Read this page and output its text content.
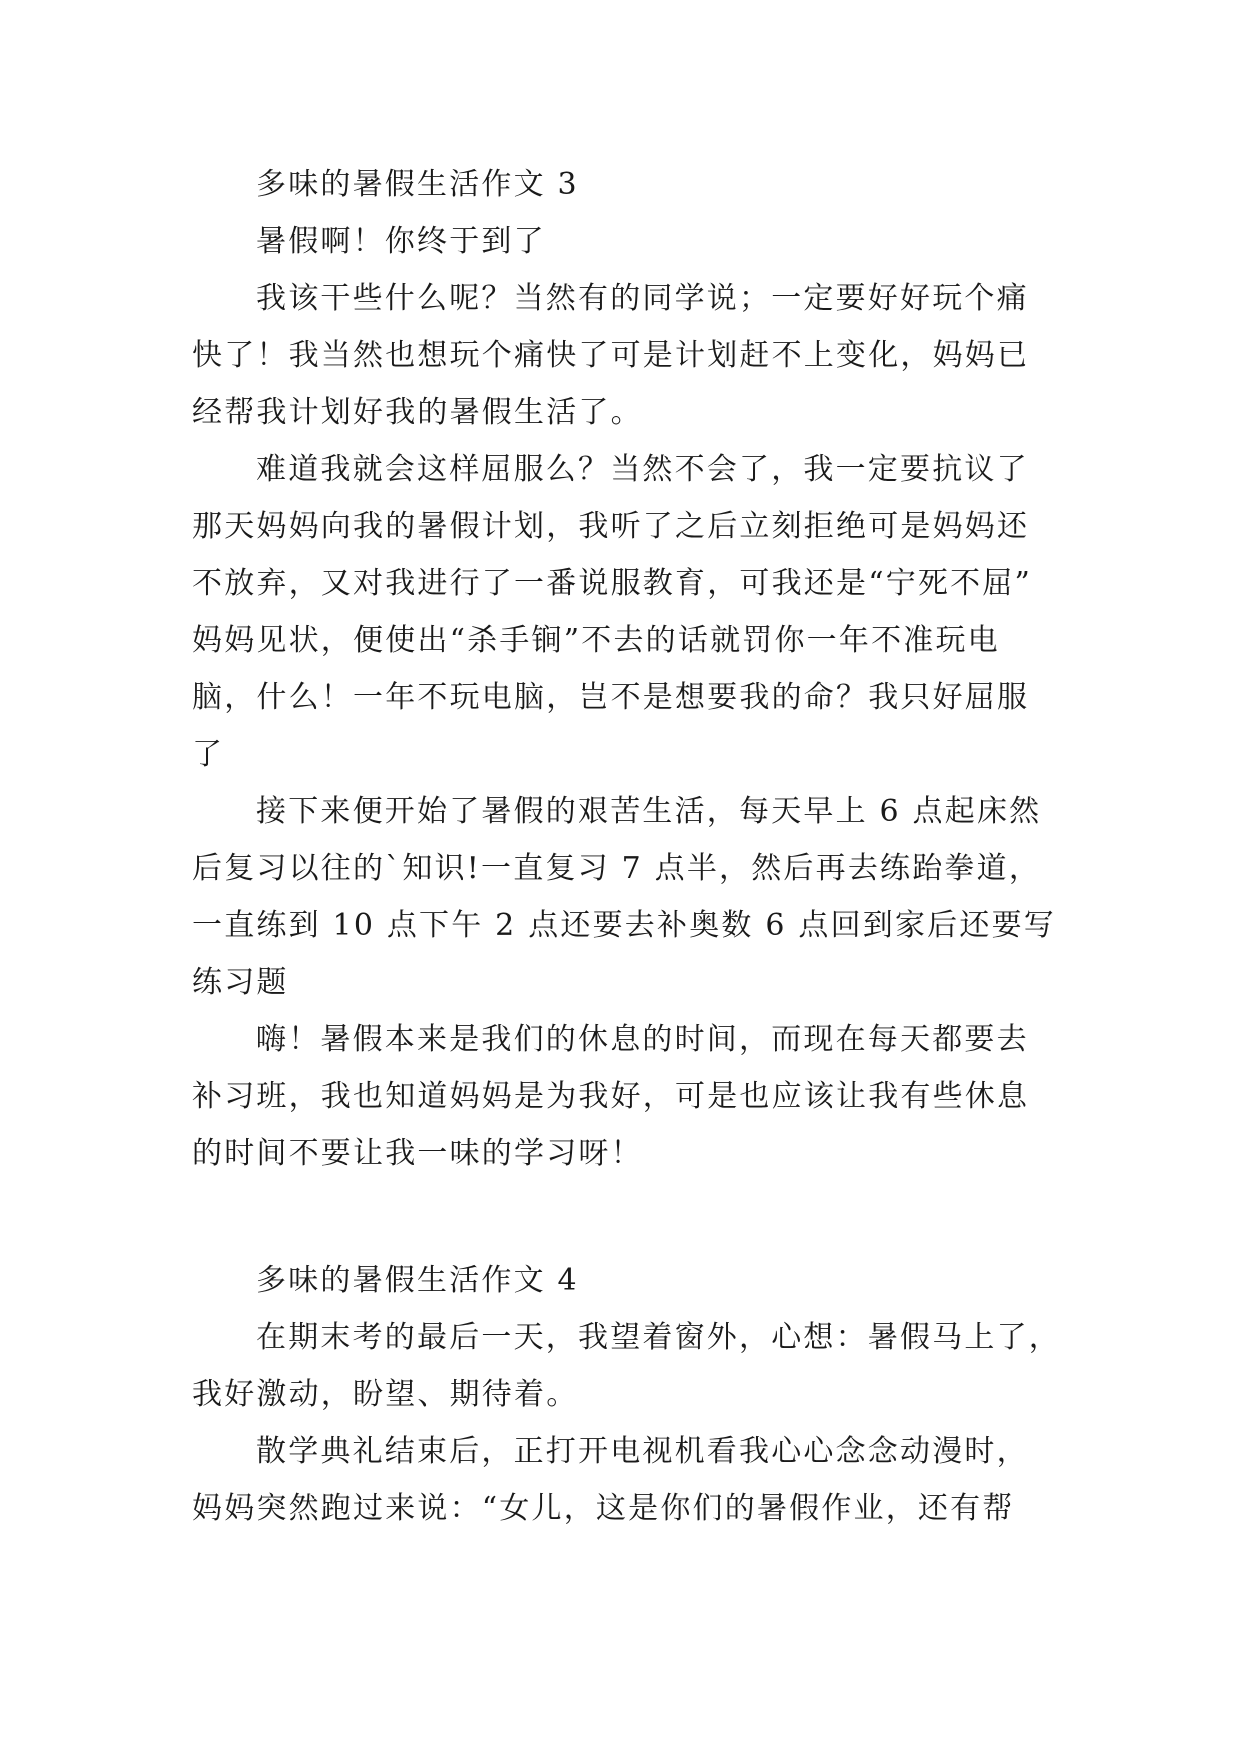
多味的暑假生活作文 3
暑假啊！你终于到了
我该干些什么呢？当然有的同学说；一定要好好玩个痛
快了！我当然也想玩个痛快了可是计划赶不上变化，妈妈已
经帮我计划好我的暑假生活了。
难道我就会这样屈服么？当然不会了，我一定要抗议了
那天妈妈向我的暑假计划，我听了之后立刻拒绝可是妈妈还
不放弃，又对我进行了一番说服教育，可我还是“宁死不屈”
妈妈见状，便使出“杀手锏”不去的话就罚你一年不准玩电
脑，什么！一年不玩电脑，岂不是想要我的命？我只好屈服
了
接下来便开始了暑假的艰苦生活，每天早上 6 点起床然
后复习以往的`知识!一直复习 7 点半，然后再去练跆拳道，
一直练到 10 点下午 2 点还要去补奥数 6 点回到家后还要写
练习题
嗨！暑假本来是我们的休息的时间，而现在每天都要去
补习班，我也知道妈妈是为我好，可是也应该让我有些休息
的时间不要让我一味的学习呀！
多味的暑假生活作文 4
在期末考的最后一天，我望着窗外，心想：暑假马上了，
我好激动，盼望、期待着。
散学典礼结束后，正打开电视机看我心心念念动漫时，
妈妈突然跑过来说：“女儿，这是你们的暑假作业，还有帮
